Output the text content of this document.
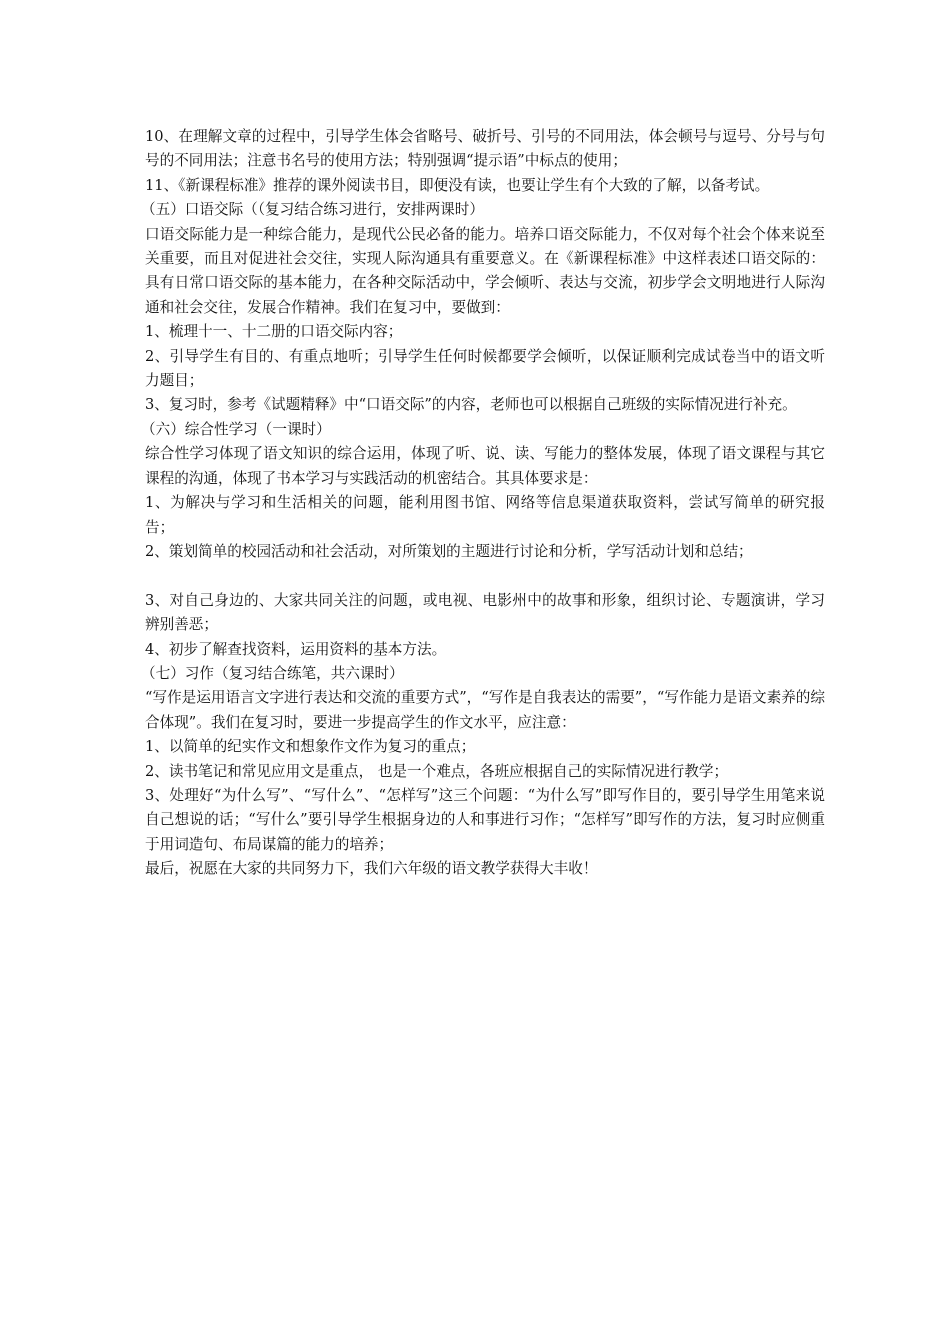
10、在理解文章的过程中，引导学生体会省略号、破折号、引号的不同用法，体会顿号与逗号、分号与句号的不同用法；注意书名号的使用方法；特别强调“提示语”中标点的使用；

11、《新课程标准》推荐的课外阅读书目，即便没有读，也要让学生有个大致的了解，以备考试。

（五）口语交际（（复习结合练习进行，安排两课时）

口语交际能力是一种综合能力，是现代公民必备的能力。培养口语交际能力，不仅对每个社会个体来说至关重要，而且对促进社会交往，实现人际沟通具有重要意义。在《新课程标准》中这样表述口语交际的：具有日常口语交际的基本能力，在各种交际活动中，学会倾听、表达与交流，初步学会文明地进行人际沟通和社会交往，发展合作精神。我们在复习中，要做到：

1、梳理十一、十二册的口语交际内容；

2、引导学生有目的、有重点地听；引导学生任何时候都要学会倾听，以保证顺利完成试卷当中的语文听力题目；

3、复习时，参考《试题精释》中“口语交际”的内容，老师也可以根据自己班级的实际情况进行补充。

（六）综合性学习（一课时）

综合性学习体现了语文知识的综合运用，体现了听、说、读、写能力的整体发展，体现了语文课程与其它课程的沟通，体现了书本学习与实践活动的机密结合。其具体要求是：

1、为解决与学习和生活相关的问题，能利用图书馆、网络等信息渠道获取资料，尝试写简单的研究报告；

2、策划简单的校园活动和社会活动，对所策划的主题进行讨论和分析，学写活动计划和总结；

3、对自己身边的、大家共同关注的问题，或电视、电影州中的故事和形象，组织讨论、专题演讲，学习辨别善恶；

4、初步了解查找资料，运用资料的基本方法。

（七）习作（复习结合练笔，共六课时）

“写作是运用语言文字进行表达和交流的重要方式”，“写作是自我表达的需要”，“写作能力是语文素养的综合体现”。我们在复习时，要进一步提高学生的作文水平，应注意：

1、以简单的纪实作文和想象作文作为复习的重点；

2、读书笔记和常见应用文是重点， 也是一个难点，各班应根据自己的实际情况进行教学；

3、处理好“为什么写”、“写什么”、“怎样写”这三个问题：“为什么写”即写作目的，要引导学生用笔来说自己想说的话；“写什么”要引导学生根据身边的人和事进行习作；“怎样写”即写作的方法，复习时应侧重于用词造句、布局谋篇的能力的培养；

最后，祝愿在大家的共同努力下，我们六年级的语文教学获得大丰收！
